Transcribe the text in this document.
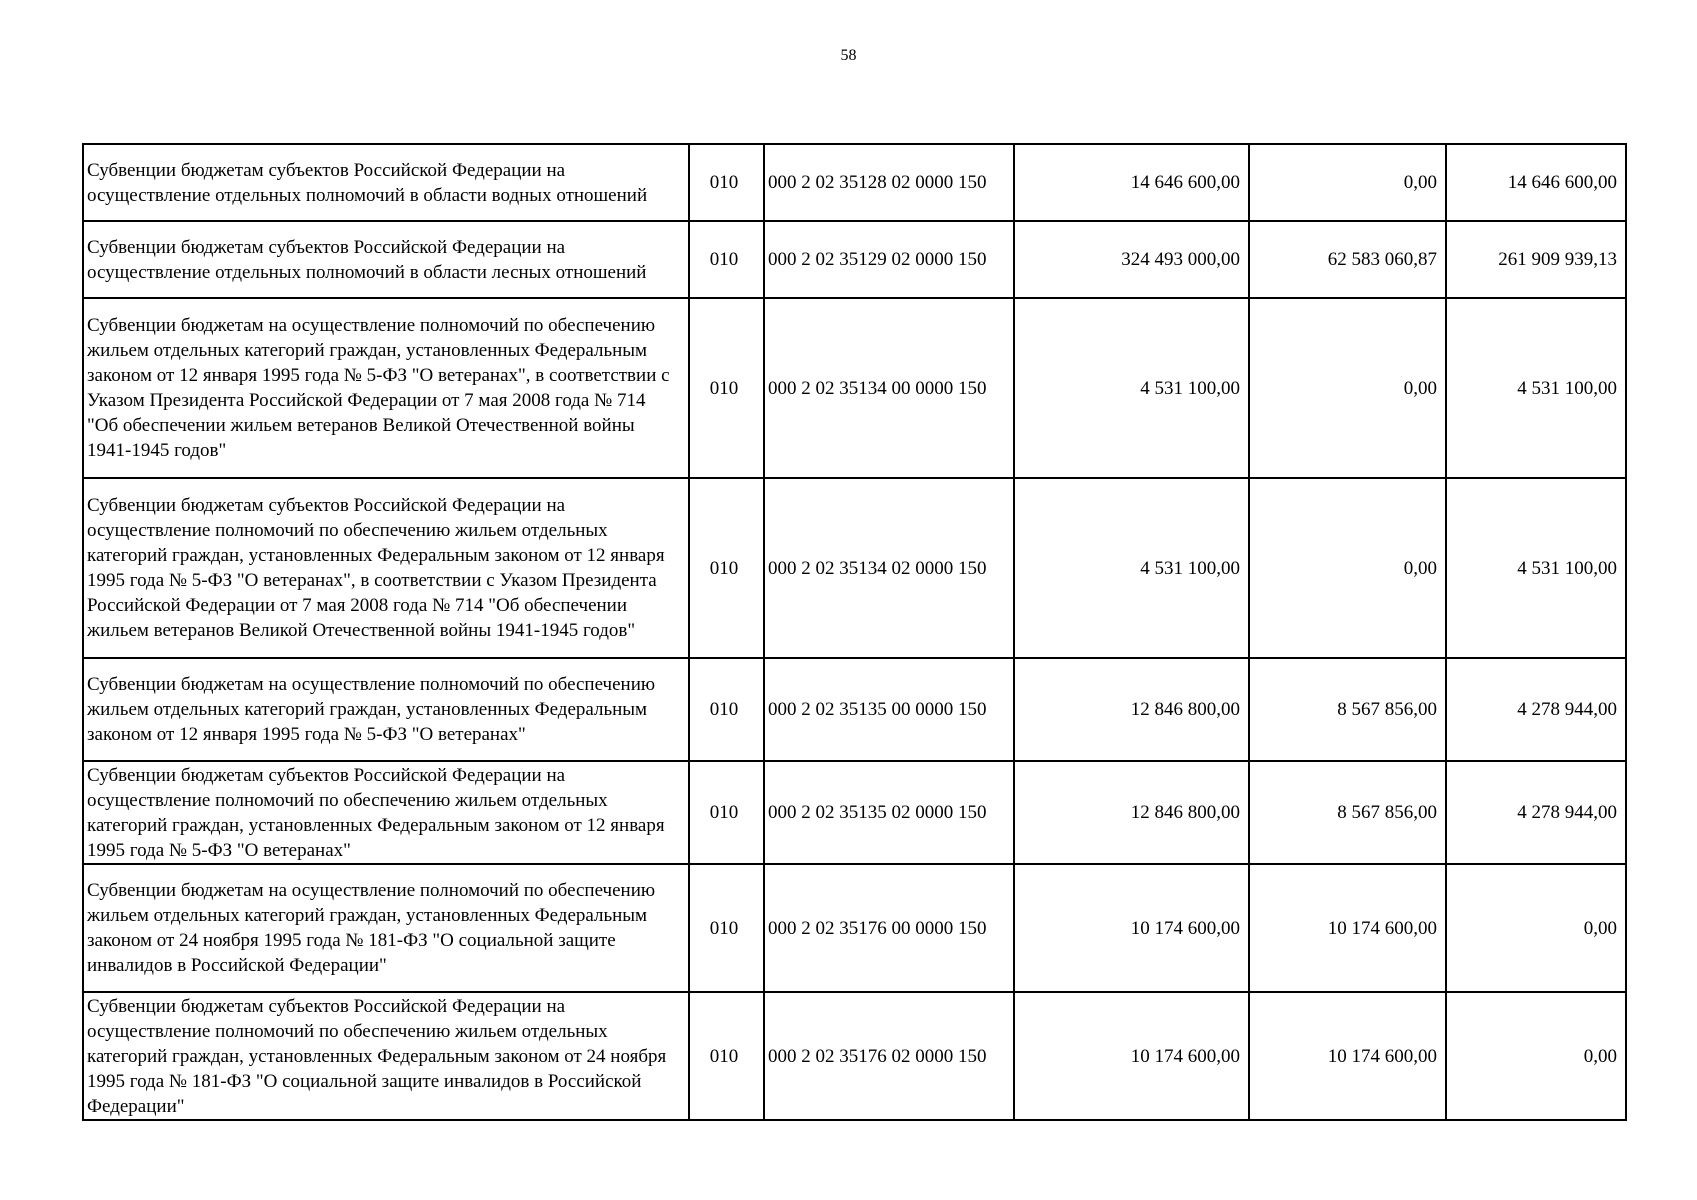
58
Субвенции бюджетам субъектов Российской Федерации на осуществление отдельных полномочий в области водных отношений	010	000 2 02 35128 02 0000 150	14 646 600,00	0,00	14 646 600,00
Субвенции бюджетам субъектов Российской Федерации на осуществление отдельных полномочий в области лесных отношений	010	000 2 02 35129 02 0000 150	324 493 000,00	62 583 060,87	261 909 939,13
Субвенции бюджетам на осуществление полномочий по обеспечению жильем отдельных категорий граждан, установленных Федеральным законом от 12 января 1995 года № 5-ФЗ "О ветеранах", в соответствии с Указом Президента Российской Федерации от 7 мая 2008 года № 714 "Об обеспечении жильем ветеранов Великой Отечественной войны 1941-1945 годов"	010	000 2 02 35134 00 0000 150	4 531 100,00	0,00	4 531 100,00
Субвенции бюджетам субъектов Российской Федерации на осуществление полномочий по обеспечению жильем отдельных категорий граждан, установленных Федеральным законом от 12 января 1995 года № 5-ФЗ "О ветеранах", в соответствии с Указом Президента Российской Федерации от 7 мая 2008 года № 714 "Об обеспечении жильем ветеранов Великой Отечественной войны 1941-1945 годов"	010	000 2 02 35134 02 0000 150	4 531 100,00	0,00	4 531 100,00
Субвенции бюджетам на осуществление полномочий по обеспечению жильем отдельных категорий граждан, установленных Федеральным законом от 12 января 1995 года № 5-ФЗ "О ветеранах"	010	000 2 02 35135 00 0000 150	12 846 800,00	8 567 856,00	4 278 944,00
Субвенции бюджетам субъектов Российской Федерации на осуществление полномочий по обеспечению жильем отдельных категорий граждан, установленных Федеральным законом от 12 января 1995 года № 5-ФЗ "О ветеранах"	010	000 2 02 35135 02 0000 150	12 846 800,00	8 567 856,00	4 278 944,00
Субвенции бюджетам на осуществление полномочий по обеспечению жильем отдельных категорий граждан, установленных Федеральным законом от 24 ноября 1995 года № 181-ФЗ "О социальной защите инвалидов в Российской Федерации"	010	000 2 02 35176 00 0000 150	10 174 600,00	10 174 600,00	0,00
Субвенции бюджетам субъектов Российской Федерации на осуществление полномочий по обеспечению жильем отдельных категорий граждан, установленных Федеральным законом от 24 ноября 1995 года № 181-ФЗ "О социальной защите инвалидов в Российской Федерации"	010	000 2 02 35176 02 0000 150	10 174 600,00	10 174 600,00	0,00
